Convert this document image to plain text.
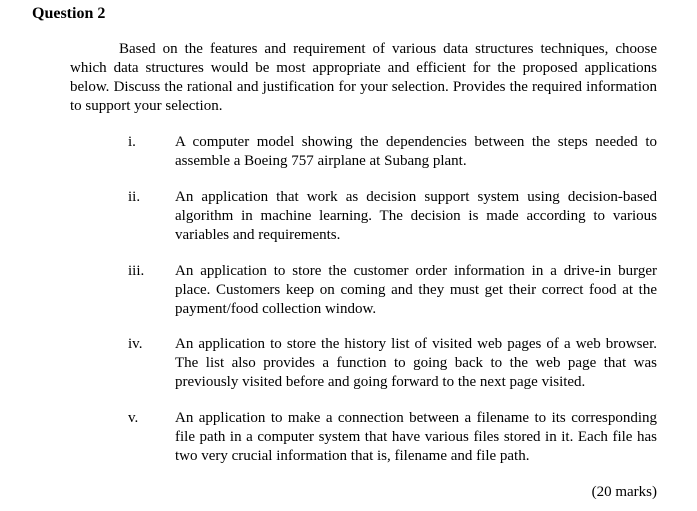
Question 2

Based on the features and requirement of various data structures techniques, choose which data structures would be most appropriate and efficient for the proposed applications below. Discuss the rational and justification for your selection. Provides the required information to support your selection.

i.	A computer model showing the dependencies between the steps needed to assemble a Boeing 757 airplane at Subang plant.

ii. An application that work as decision support system using decision-based algorithm in machine learning. The decision is made according to various variables and requirements.

iii. An application to store the customer order information in a drive-in burger place. Customers keep on coming and they must get their correct food at the payment/food collection window.

iv. An application to store the history list of visited web pages of a web browser. The list also provides a function to going back to the web page that was previously visited before and going forward to the next page visited.

v. An application to make a connection between a filename to its corresponding file path in a computer system that have various files stored in it. Each file has two very crucial information that is, filename and file path.

(20 marks)
